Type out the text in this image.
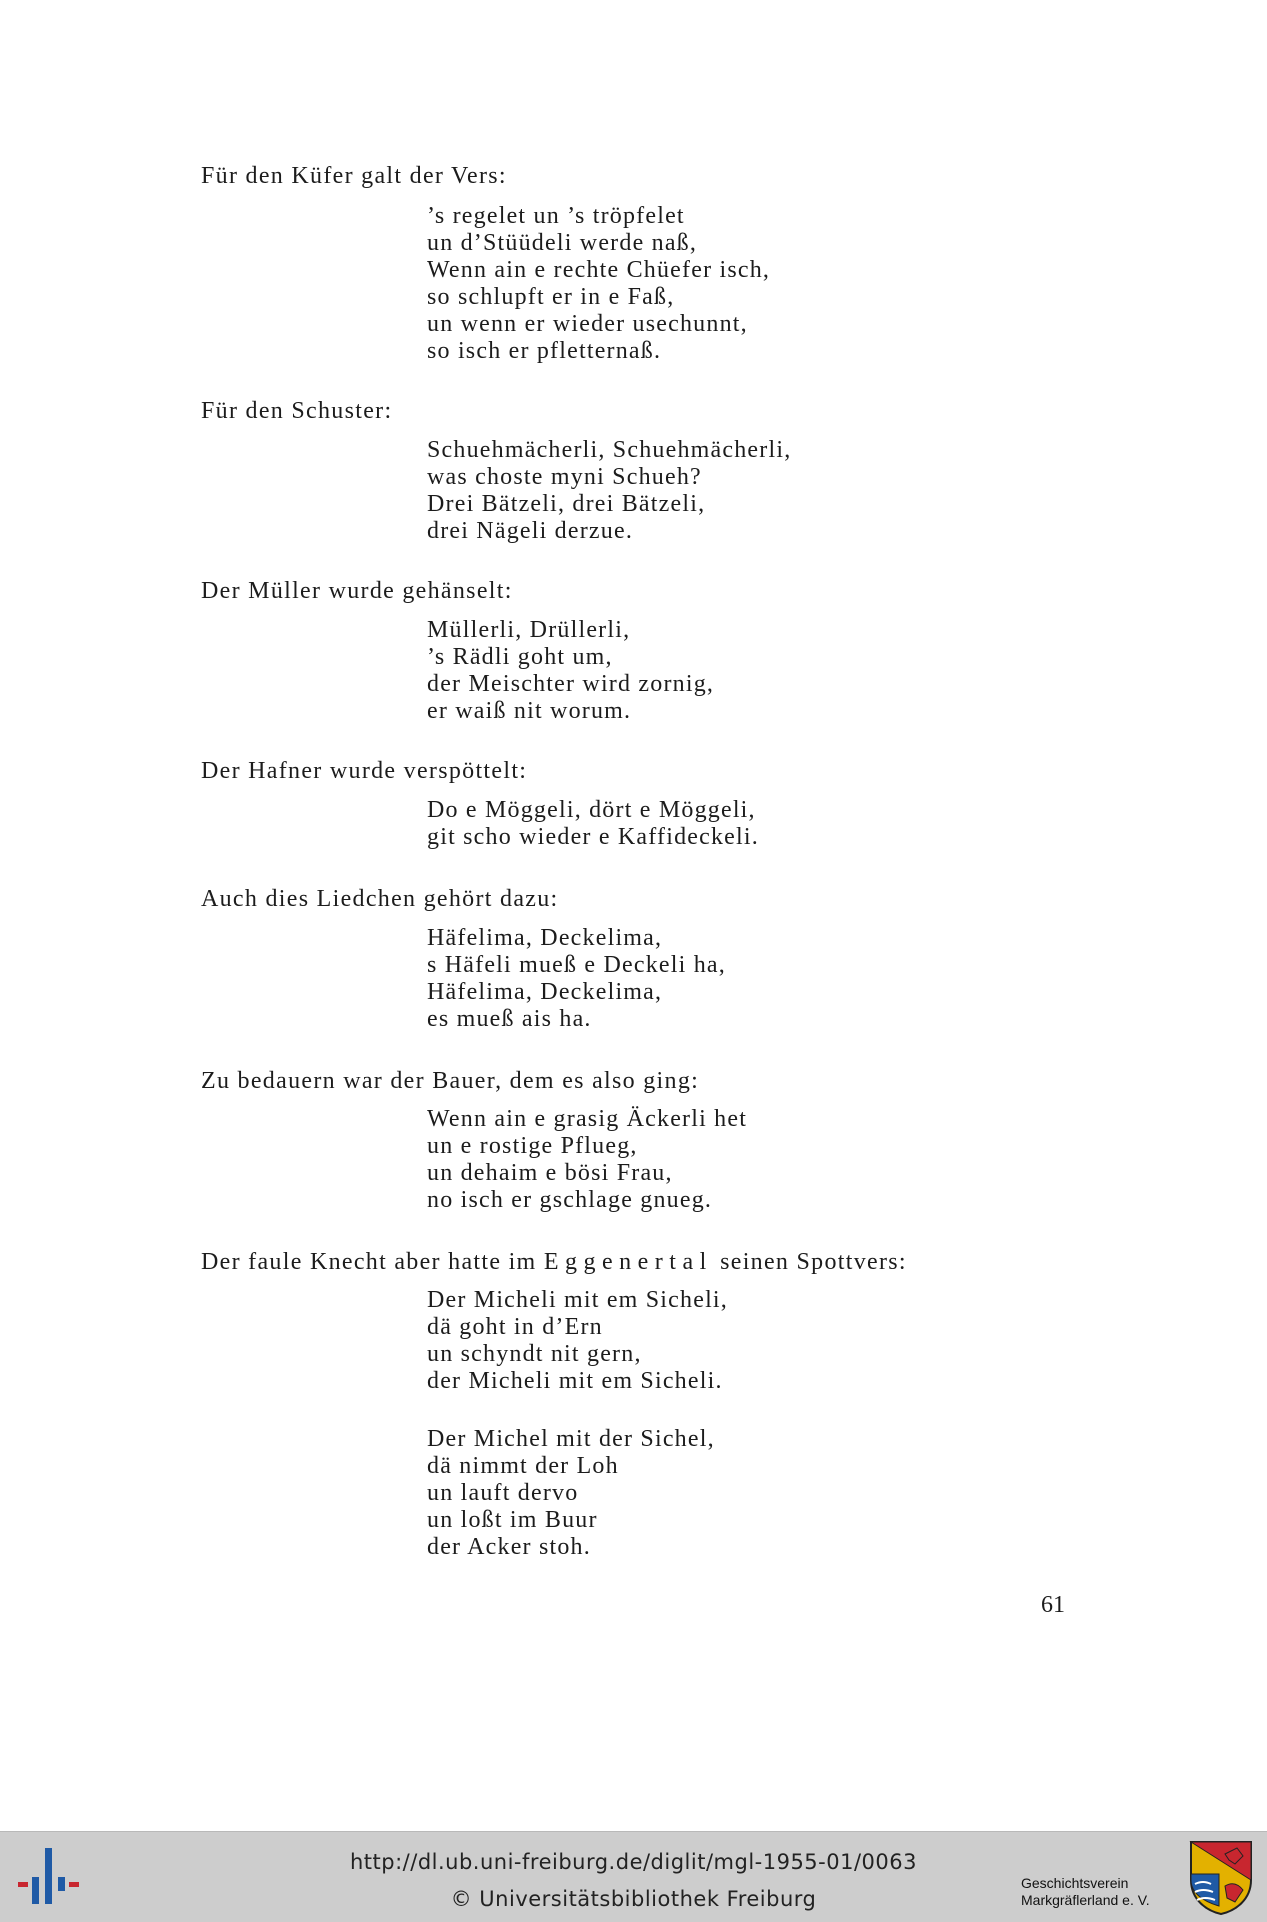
Für den Küfer galt der Vers:

’s regelet un ’s tröpfelet
un d’Stüüdeli werde naß,
Wenn ain e rechte Chüefer isch,
so schlupft er in e Faß,
un wenn er wieder usechunnt,
so isch er pfletternaß.

Für den Schuster:

Schuehmächerli, Schuehmächerli,
was choste myni Schueh?
Drei Bätzeli, drei Bätzeli,
drei Nägeli derzue.

Der Müller wurde gehänselt:

Müllerli, Drüllerli,
’s Rädli goht um,
der Meischter wird zornig,
er waiß nit worum.

Der Hafner wurde verspöttelt:

Do e Möggeli, dört e Möggeli,
git scho wieder e Kaffideckeli.

Auch dies Liedchen gehört dazu:

Häfelima, Deckelima,
s Häfeli mueß e Deckeli ha,
Häfelima, Deckelima,
es mueß ais ha.

Zu bedauern war der Bauer, dem es also ging:

Wenn ain e grasig Äckerli het
un e rostige Pflueg,
un dehaim e bösi Frau,
no isch er gschlage gnueg.

Der faule Knecht aber hatte im Eggenertal seinen Spottvers:

Der Micheli mit em Sicheli,
dä goht in d’Ern
un schyndt nit gern,
der Micheli mit em Sicheli.
Der Michel mit der Sichel,
dä nimmt der Loh
un lauft dervo
un loßt im Buur
der Acker stoh.
61
http://dl.ub.uni-freiburg.de/diglit/mgl-1955-01/0063
© Universitätsbibliothek Freiburg
Geschichtsverein
Markgräflerland e. V.
